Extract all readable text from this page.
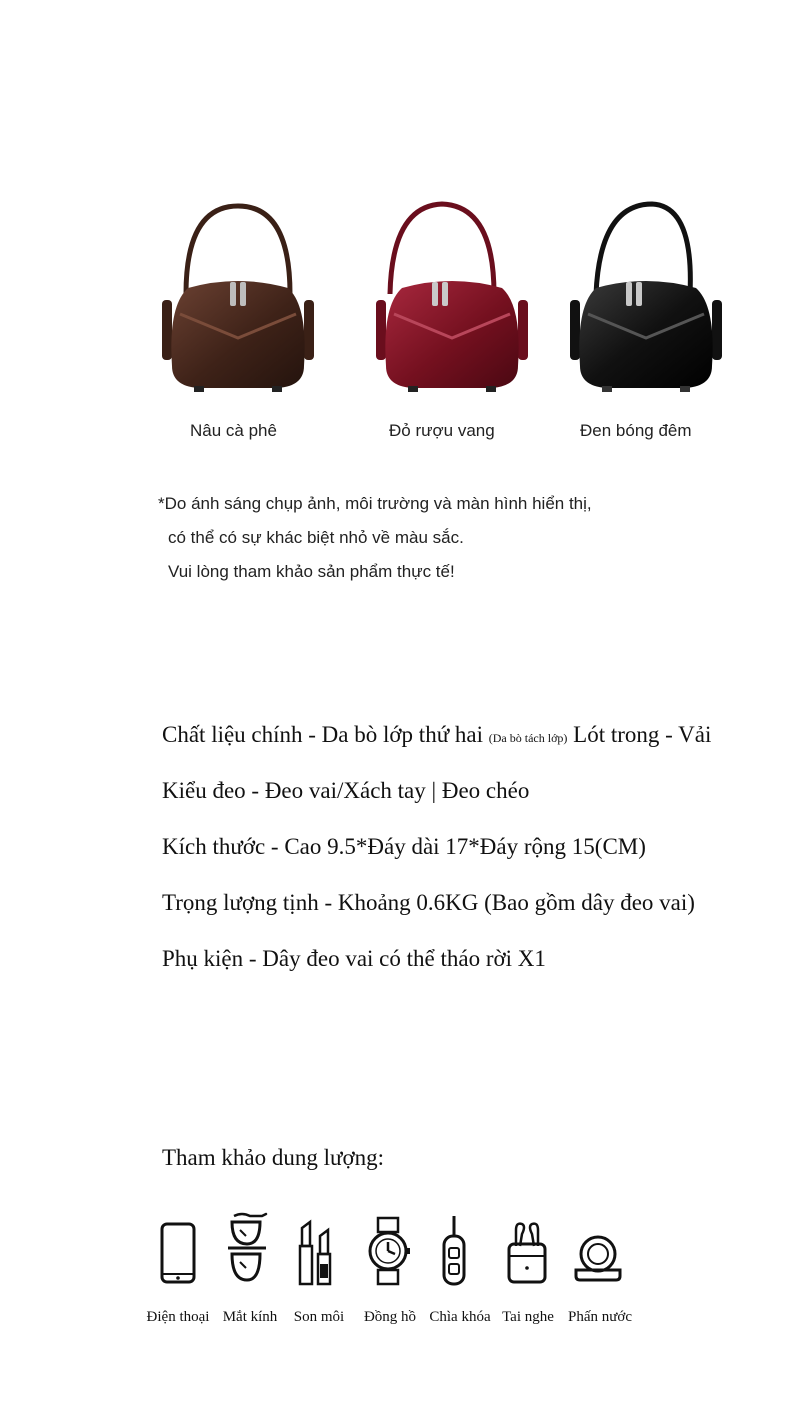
Nâu cà phê	Đỏ rượu vang	Đen bóng đêm
*Do ánh sáng chụp ảnh, môi trường và màn hình hiển thị,
có thể có sự khác biệt nhỏ về màu sắc.
Vui lòng tham khảo sản phẩm thực tế!
Chất liệu chính - Da bò lớp thứ hai (Da bò tách lớp) Lót trong - Vải
Kiểu đeo - Đeo vai/Xách tay | Đeo chéo
Kích thước - Cao 9.5*Đáy dài 17*Đáy rộng 15(CM)
Trọng lượng tịnh - Khoảng 0.6KG (Bao gồm dây đeo vai)
Phụ kiện - Dây đeo vai có thể tháo rời X1
Tham khảo dung lượng:
Điện thoại Mắt kính Son môi Đồng hồ Chìa khóa Tai nghe Phấn nước
